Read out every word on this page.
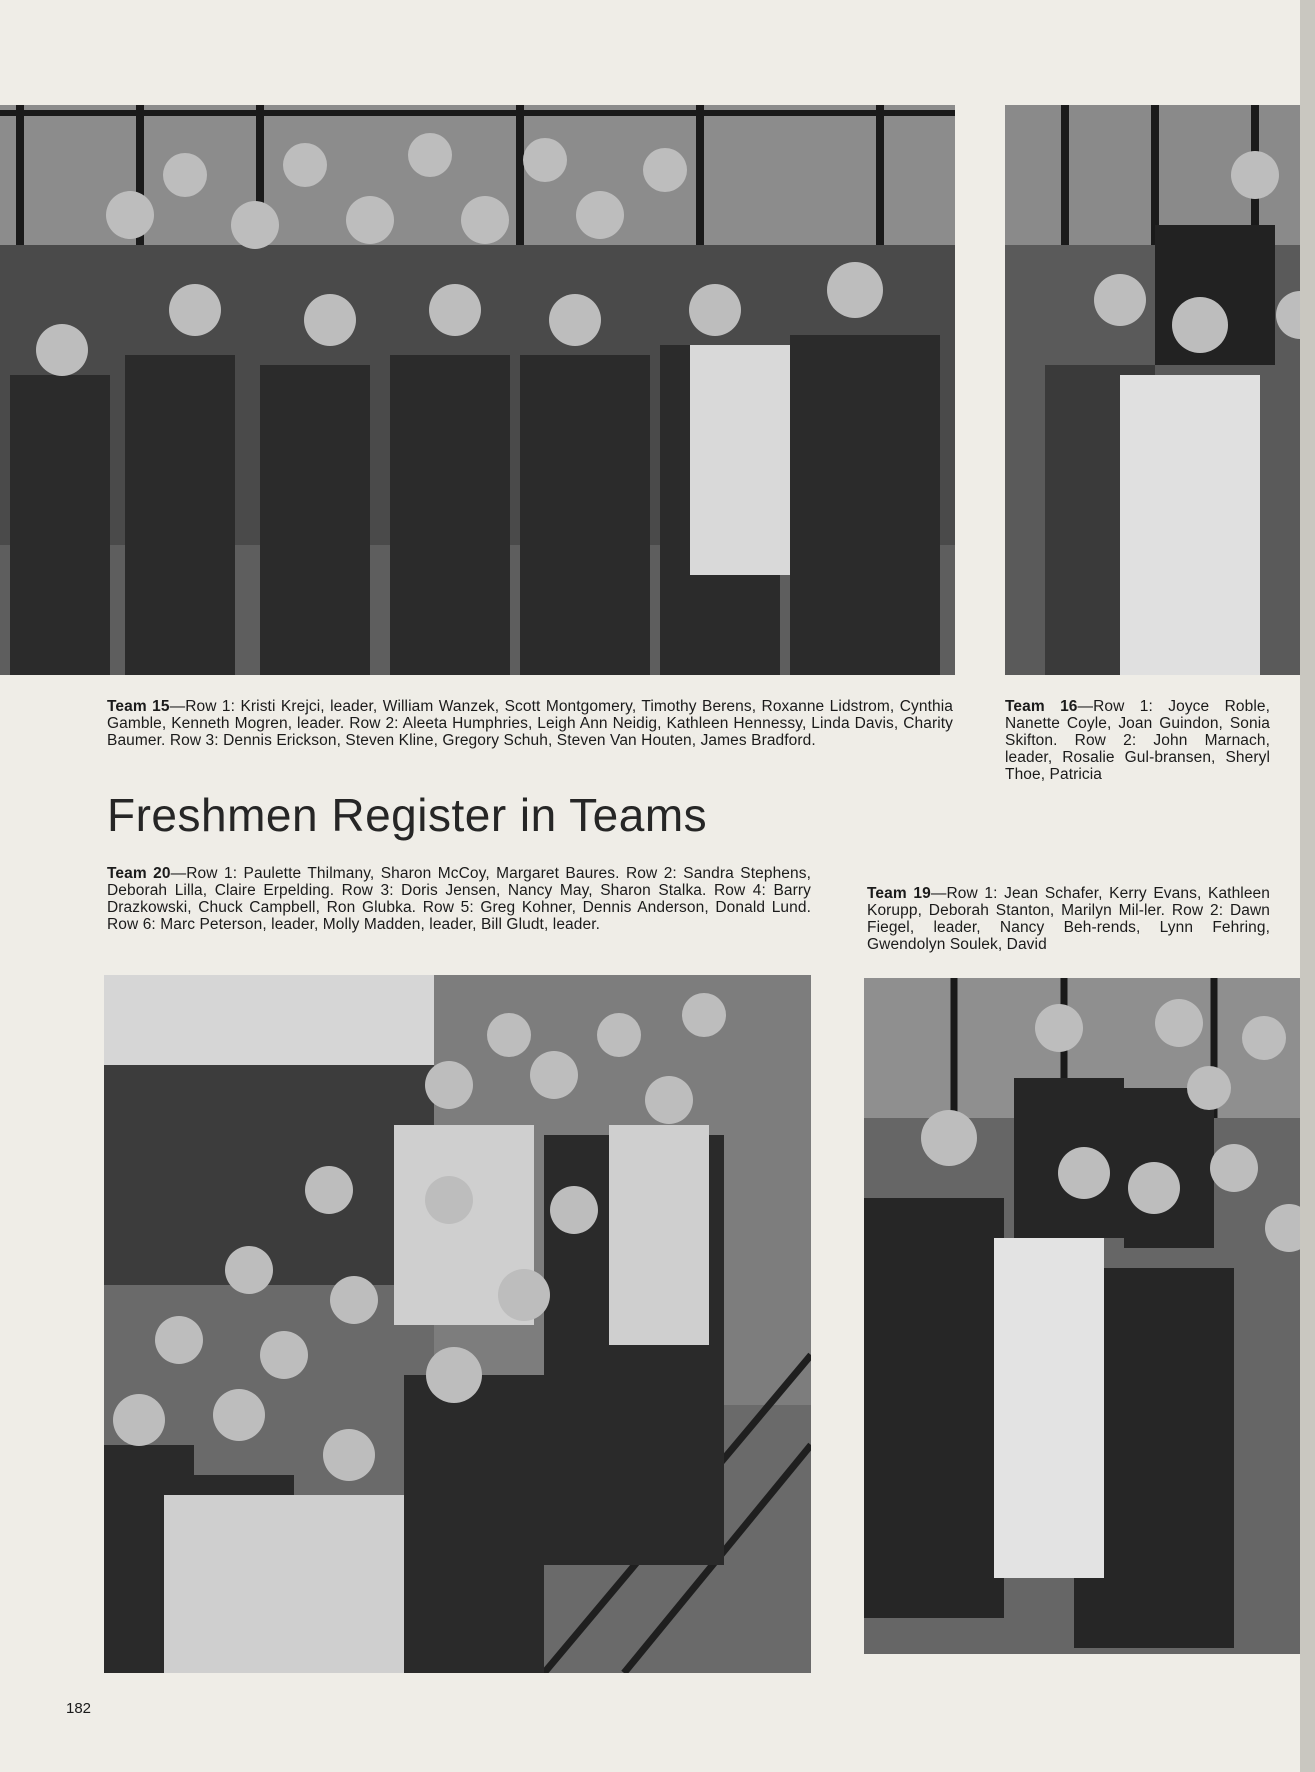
Team 15—Row 1: Kristi Krejci, leader, William Wanzek, Scott Montgomery, Timothy Berens, Roxanne Lidstrom, Cynthia Gamble, Kenneth Mogren, leader. Row 2: Aleeta Humphries, Leigh Ann Neidig, Kathleen Hennessy, Linda Davis, Charity Baumer. Row 3: Dennis Erickson, Steven Kline, Gregory Schuh, Steven Van Houten, James Bradford.
Team 16—Row 1: Joyce Roble, Nanette Coyle, Joan Guindon, Sonia Skifton. Row 2: John Marnach, leader, Rosalie Gul-bransen, Sheryl Thoe, Patricia
Freshmen Register in Teams
Team 20—Row 1: Paulette Thilmany, Sharon McCoy, Margaret Baures. Row 2: Sandra Stephens, Deborah Lilla, Claire Erpelding. Row 3: Doris Jensen, Nancy May, Sharon Stalka. Row 4: Barry Drazkowski, Chuck Campbell, Ron Glubka. Row 5: Greg Kohner, Dennis Anderson, Donald Lund. Row 6: Marc Peterson, leader, Molly Madden, leader, Bill Gludt, leader.
Team 19—Row 1: Jean Schafer, Kerry Evans, Kathleen Korupp, Deborah Stanton, Marilyn Mil-ler. Row 2: Dawn Fiegel, leader, Nancy Beh-rends, Lynn Fehring, Gwendolyn Soulek, David
182
